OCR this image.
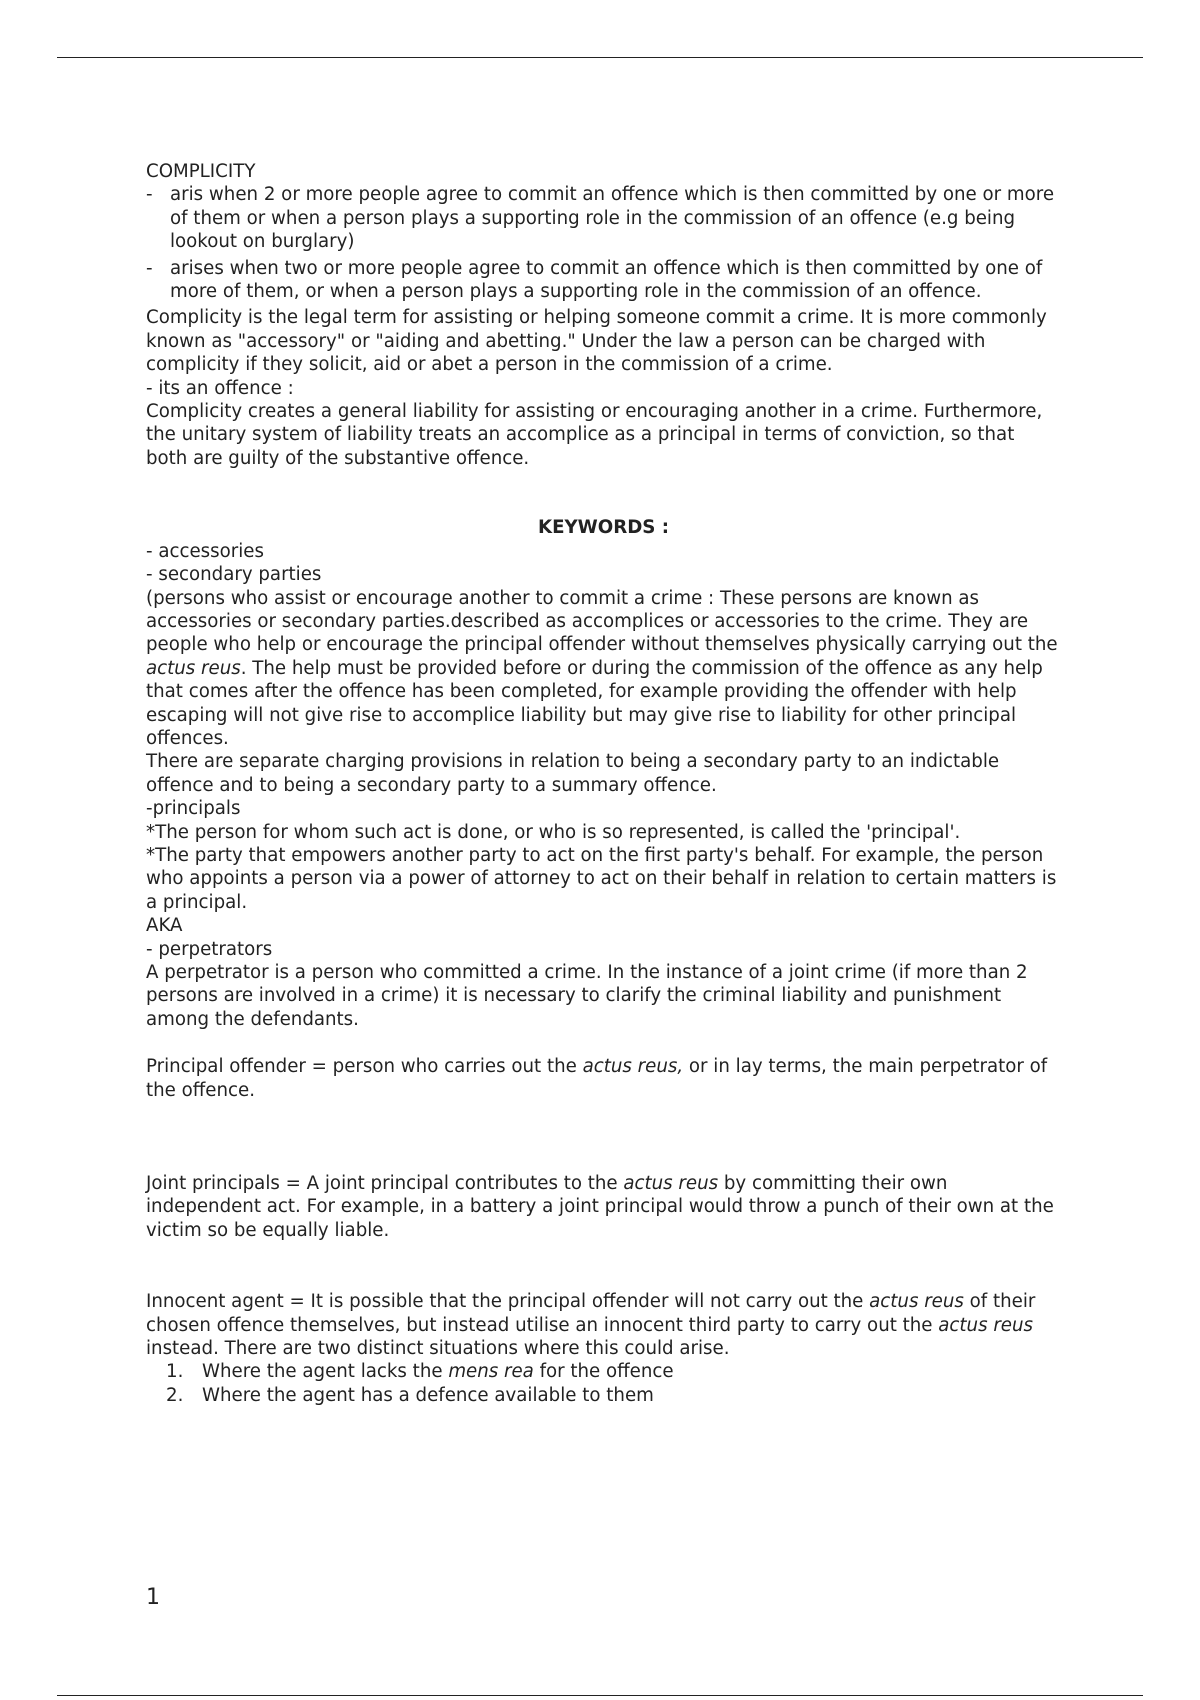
COMPLICITY

- aris when 2 or more people agree to commit an offence which is then committed by one or more of them or when a person plays a supporting role in the commission of an offence (e.g being lookout on burglary)
- arises when two or more people agree to commit an offence which is then committed by one of more of them, or when a person plays a supporting role in the commission of an offence.

Complicity is the legal term for assisting or helping someone commit a crime. It is more commonly known as "accessory" or "aiding and abetting." Under the law a person can be charged with complicity if they solicit, aid or abet a person in the commission of a crime.

- its an offence :

Complicity creates a general liability for assisting or encouraging another in a crime. Furthermore, the unitary system of liability treats an accomplice as a principal in terms of conviction, so that both are guilty of the substantive offence.

KEYWORDS :

- accessories

- secondary parties

(persons who assist or encourage another to commit a crime : These persons are known as accessories or secondary parties.described as accomplices or accessories to the crime. They are people who help or encourage the principal offender without themselves physically carrying out the actus reus. The help must be provided before or during the commission of the offence as any help that comes after the offence has been completed, for example providing the offender with help escaping will not give rise to accomplice liability but may give rise to liability for other principal offences.

There are separate charging provisions in relation to being a secondary party to an indictable offence and to being a secondary party to a summary offence.

-principals

*The person for whom such act is done, or who is so represented, is called the 'principal'.

*The party that empowers another party to act on the first party's behalf. For example, the person who appoints a person via a power of attorney to act on their behalf in relation to certain matters is a principal.

AKA

- perpetrators

A perpetrator is a person who committed a crime. In the instance of a joint crime (if more than 2 persons are involved in a crime) it is necessary to clarify the criminal liability and punishment among the defendants.

Principal offender = person who carries out the actus reus, or in lay terms, the main perpetrator of the offence.

Joint principals = A joint principal contributes to the actus reus by committing their own independent act. For example, in a battery a joint principal would throw a punch of their own at the victim so be equally liable.

Innocent agent = It is possible that the principal offender will not carry out the actus reus of their chosen offence themselves, but instead utilise an innocent third party to carry out the actus reus instead. There are two distinct situations where this could arise.

1.	Where the agent lacks the mens rea for the offence
2.	Where the agent has a defence available to them
1
